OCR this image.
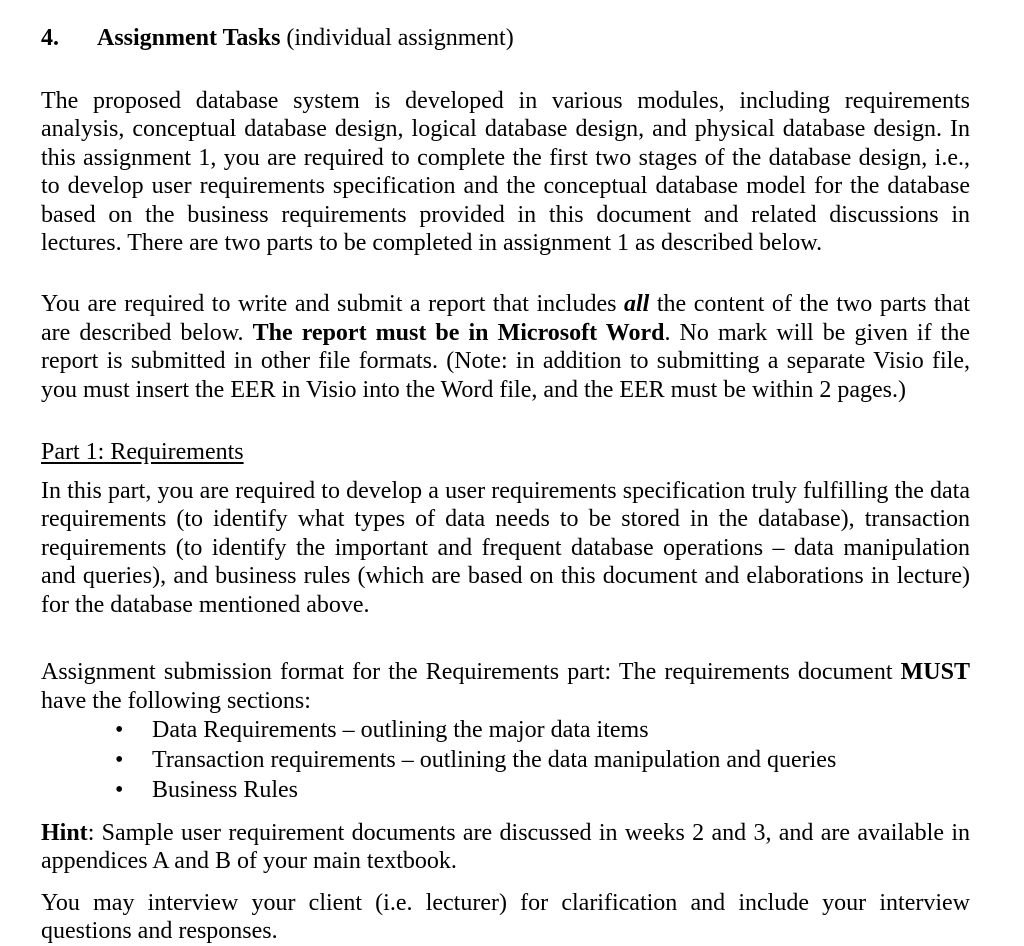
4. Assignment Tasks (individual assignment)

The proposed database system is developed in various modules, including requirements analysis, conceptual database design, logical database design, and physical database design. In this assignment 1, you are required to complete the first two stages of the database design, i.e., to develop user requirements specification and the conceptual database model for the database based on the business requirements provided in this document and related discussions in lectures. There are two parts to be completed in assignment 1 as described below.

You are required to write and submit a report that includes all the content of the two parts that are described below. The report must be in Microsoft Word. No mark will be given if the report is submitted in other file formats. (Note: in addition to submitting a separate Visio file, you must insert the EER in Visio into the Word file, and the EER must be within 2 pages.)

Part 1: Requirements

In this part, you are required to develop a user requirements specification truly fulfilling the data requirements (to identify what types of data needs to be stored in the database), transaction requirements (to identify the important and frequent database operations – data manipulation and queries), and business rules (which are based on this document and elaborations in lecture) for the database mentioned above.

Assignment submission format for the Requirements part: The requirements document MUST have the following sections:

• Data Requirements – outlining the major data items
• Transaction requirements – outlining the data manipulation and queries
• Business Rules

Hint: Sample user requirement documents are discussed in weeks 2 and 3, and are available in appendices A and B of your main textbook.

You may interview your client (i.e. lecturer) for clarification and include your interview questions and responses.
